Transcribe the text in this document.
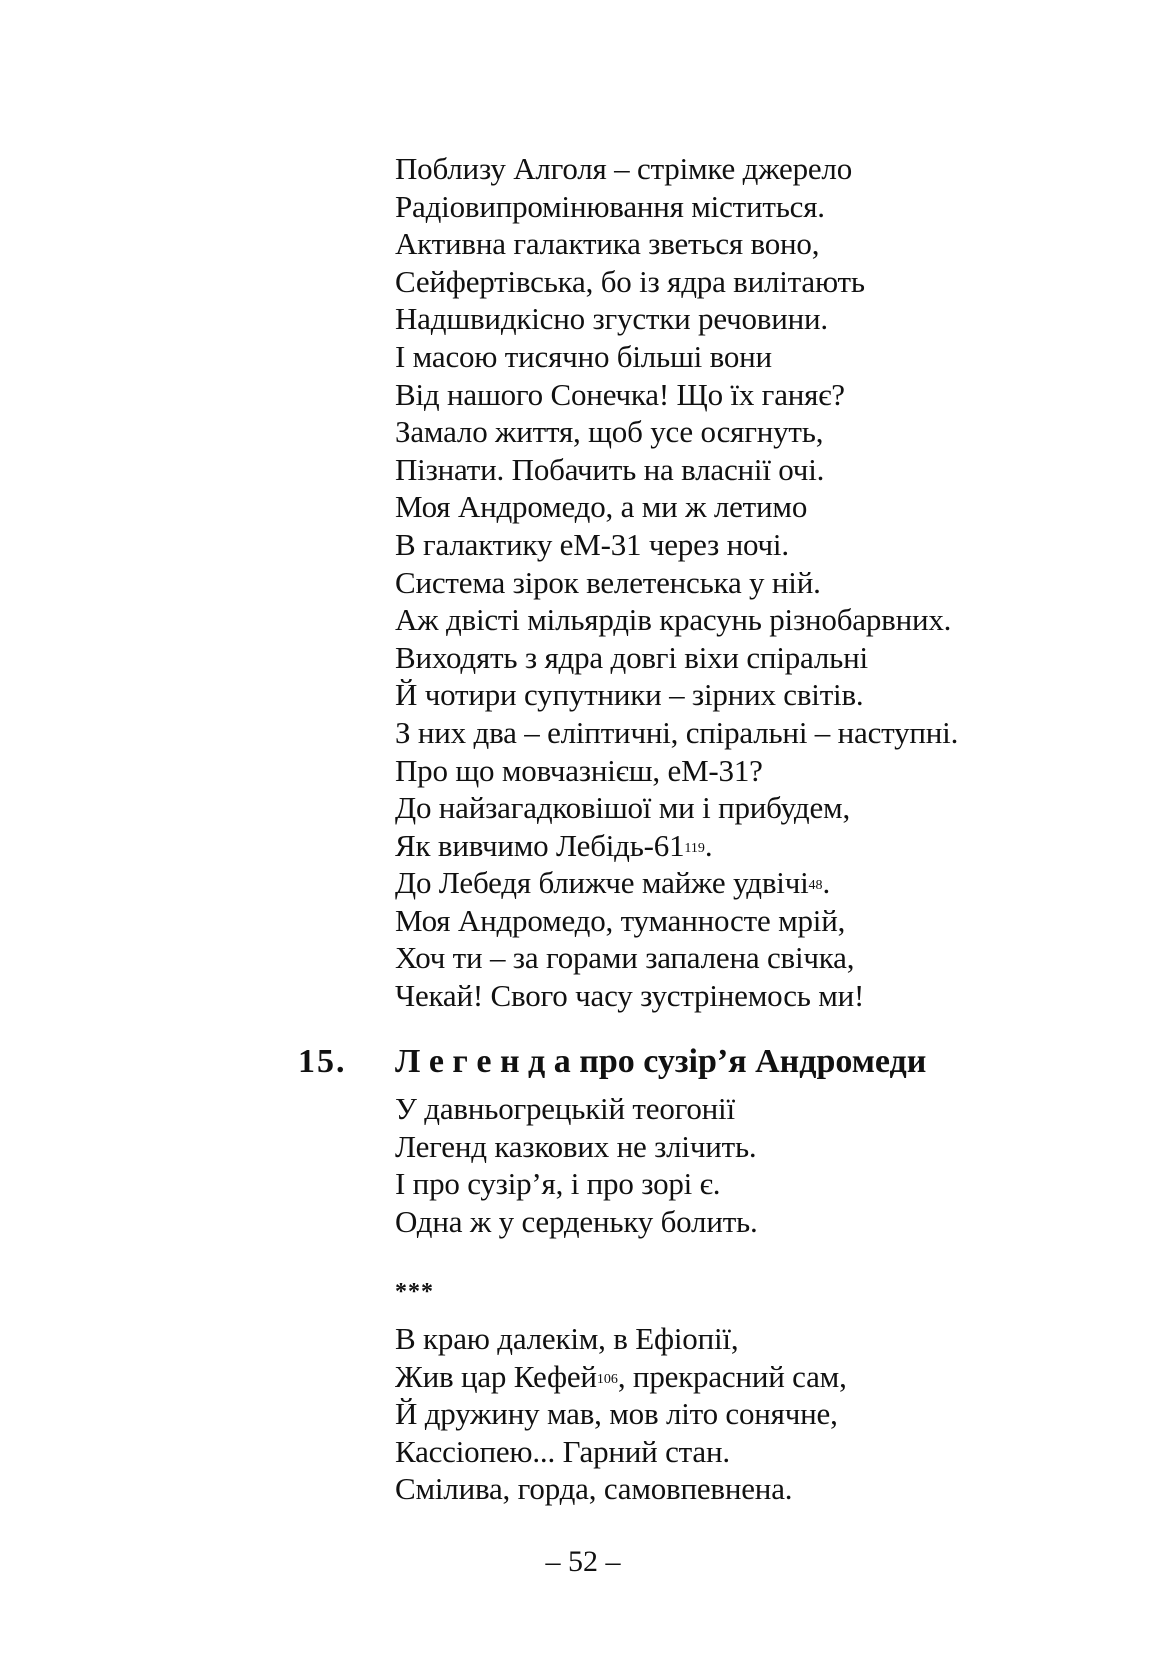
Поблизу Алголя – стрімке джерело
Радіовипромінювання міститься.
Активна галактика зветься воно,
Сейфертівська, бо із ядра вилітають
Надшвидкісно згустки речовини.
І масою тисячно більші вони
Від нашого Сонечка! Що їх ганяє?
Замало життя, щоб усе осягнуть,
Пізнати. Побачить на власнії очі.
Моя Андромедо, а ми ж летимо
В галактику еМ-31 через ночі.
Система зірок велетенська у ній.
Аж двісті мільярдів красунь різнобарвних.
Виходять з ядра довгі віхи спіральні
Й чотири супутники – зірних світів.
З них два – еліптичні, спіральні – наступні.
Про що мовчазнієш, еМ-31?
До найзагадковішої ми і прибудем,
Як вивчимо Лебідь-$61^{119}$.
До Лебедя ближче майже удвічі$^{48}$.
Моя Андромедо, туманносте мрій,
Хоч ти – за горами запалена свічка,
Чекай! Свого часу зустрінемось ми!
15. Л е г е н д а про сузір’я Андромеди
У давньогрецькій теогонії
Легенд казкових не злічить.
І про сузір’я, і про зорі є.
Одна ж у серденьку болить.
***
В краю далекім, в Ефіопії,
Жив цар Кефей$^{106}$, прекрасний сам,
Й дружину мав, мов літо сонячне,
Кассіопею... Гарний стан.
Смілива, горда, самовпевнена.
– 52 –
